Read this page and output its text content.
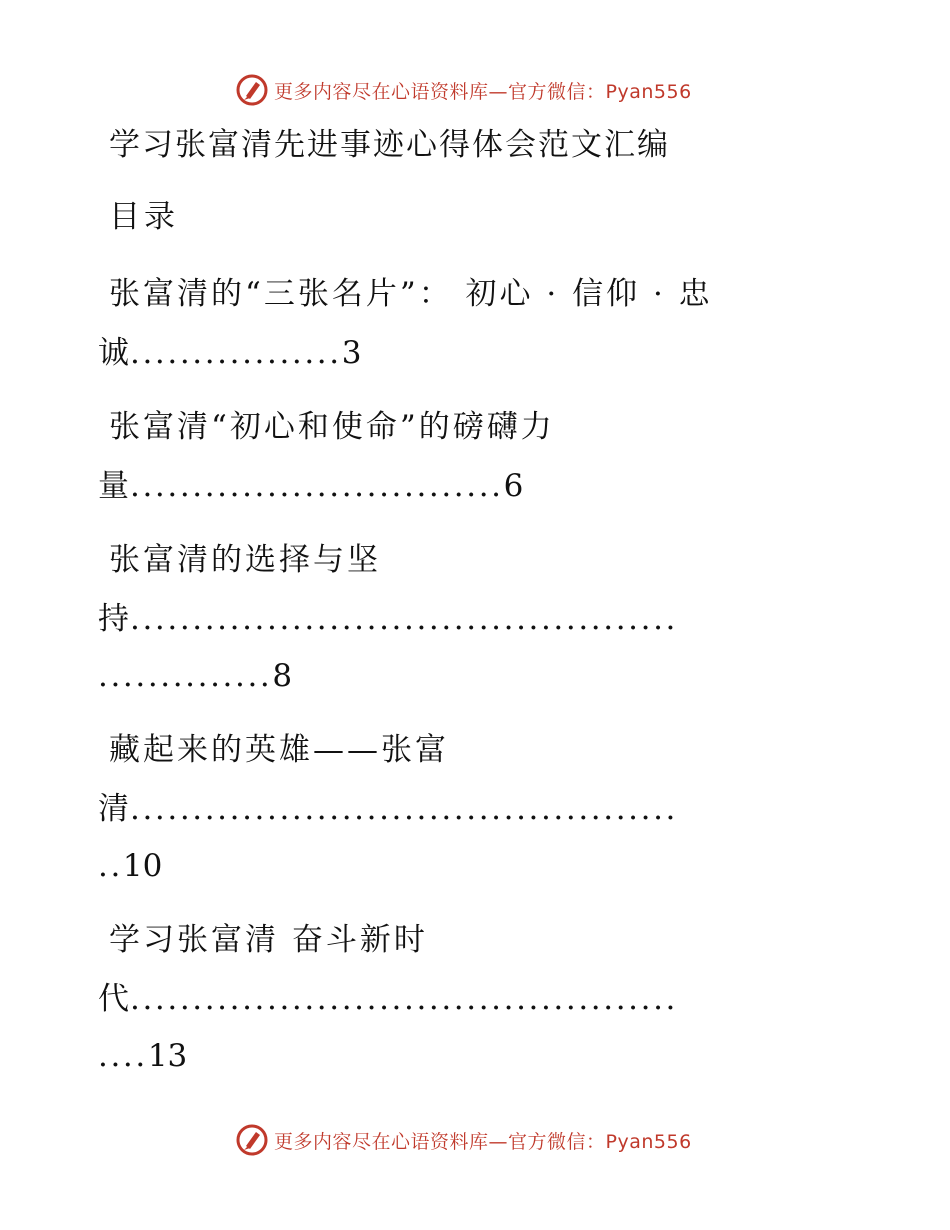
更多内容尽在心语资料库—官方微信：Pyan556
学习张富清先进事迹心得体会范文汇编
目录
张富清的“三张名片”： 初心 · 信仰 · 忠
诚.................3
张富清“初心和使命”的磅礴力
量..............................6
张富清的选择与坚
持............................................
..............8
藏起来的英雄——张富
清............................................
..10
学习张富清 奋斗新时
代............................................
....13
更多内容尽在心语资料库—官方微信：Pyan556
